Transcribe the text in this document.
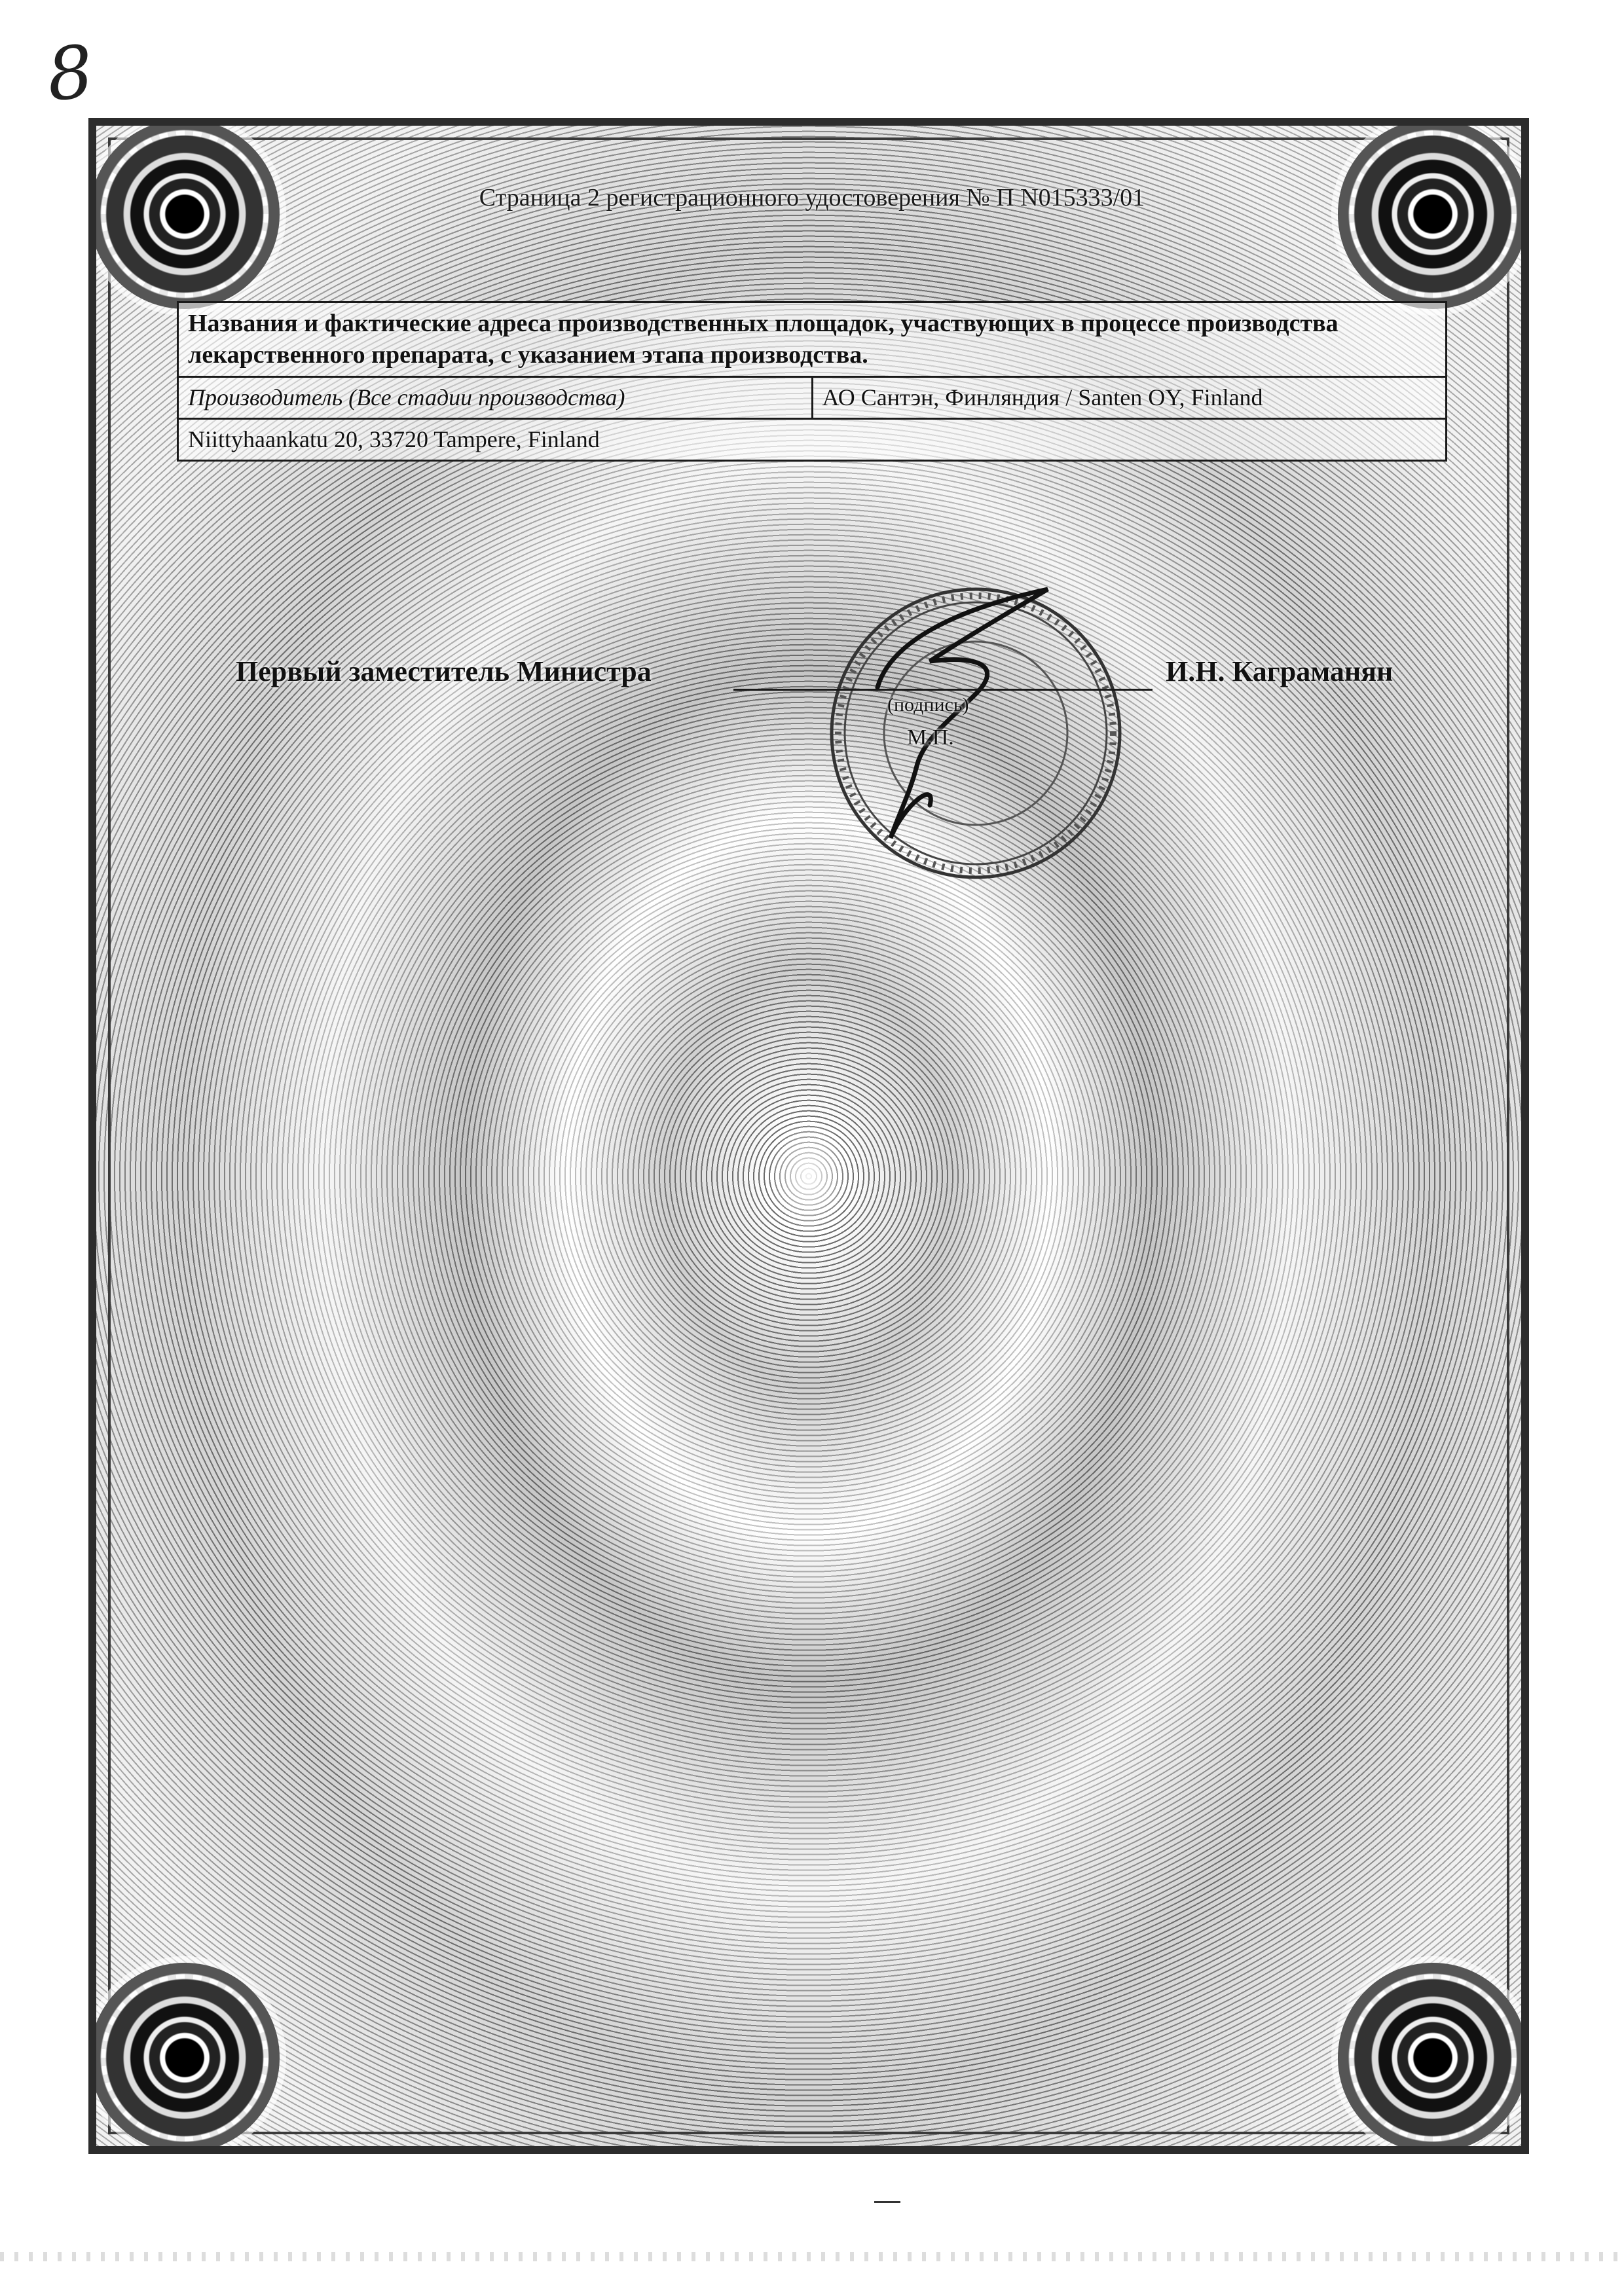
8
Страница 2 регистрационного удостоверения № П N015333/01
Названия и фактические адреса производственных площадок, участвующих в процессе производства лекарственного препарата, с указанием этапа производства.
Производитель (Все стадии производства)	АО Сантэн, Финляндия / Santen OY, Finland
Niittyhaankatu 20, 33720 Tampere, Finland
Первый заместитель Министра
(подпись)
М.П.
И.Н. Каграманян
